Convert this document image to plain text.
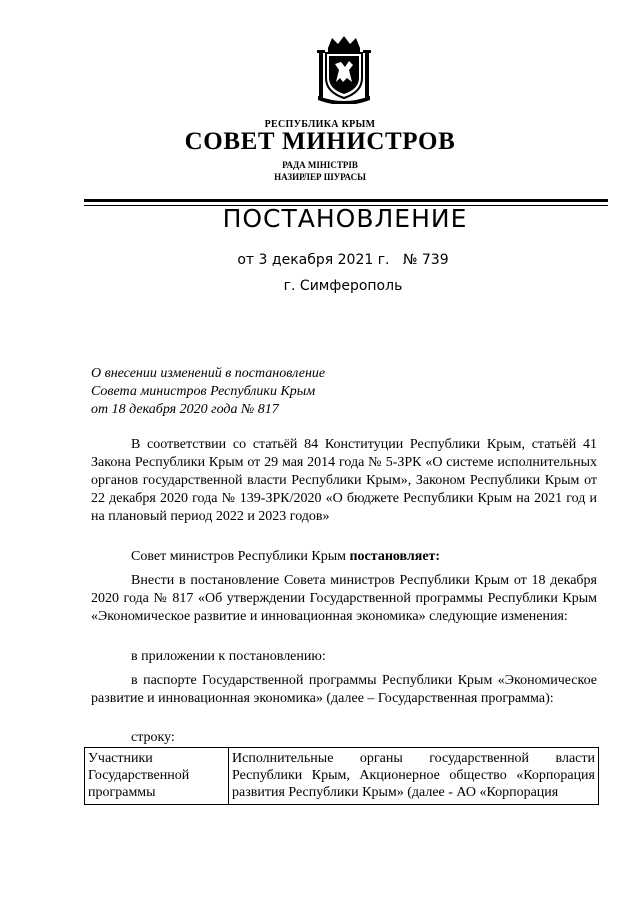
РЕСПУБЛИКА КРЫМ
СОВЕТ МИНИСТРОВ
РАДА МІНІСТРІВ
НАЗИРЛЕР ШУРАСЫ
ПОСТАНОВЛЕНИЕ
от 3 декабря 2021 г. № 739
г. Симферополь
О внесении изменений в постановление
Совета министров Республики Крым
от 18 декабря 2020 года № 817

В соответствии со статьёй 84 Конституции Республики Крым, статьёй 41 Закона Республики Крым от 29 мая 2014 года № 5-ЗРК «О системе исполнительных органов государственной власти Республики Крым», Законом Республики Крым от 22 декабря 2020 года № 139-ЗРК/2020 «О бюджете Республики Крым на 2021 год и на плановый период 2022 и 2023 годов»

Совет министров Республики Крым постановляет:

Внести в постановление Совета министров Республики Крым от 18 декабря 2020 года № 817 «Об утверждении Государственной программы Республики Крым «Экономическое развитие и инновационная экономика» следующие изменения:

в приложении к постановлению:

в паспорте Государственной программы Республики Крым «Экономическое развитие и инновационная экономика» (далее – Государственная программа):

строку:

Участники Государственной программы	Исполнительные органы государственной власти Республики Крым, Акционерное общество «Корпорация развития Республики Крым» (далее - АО «Корпорация
